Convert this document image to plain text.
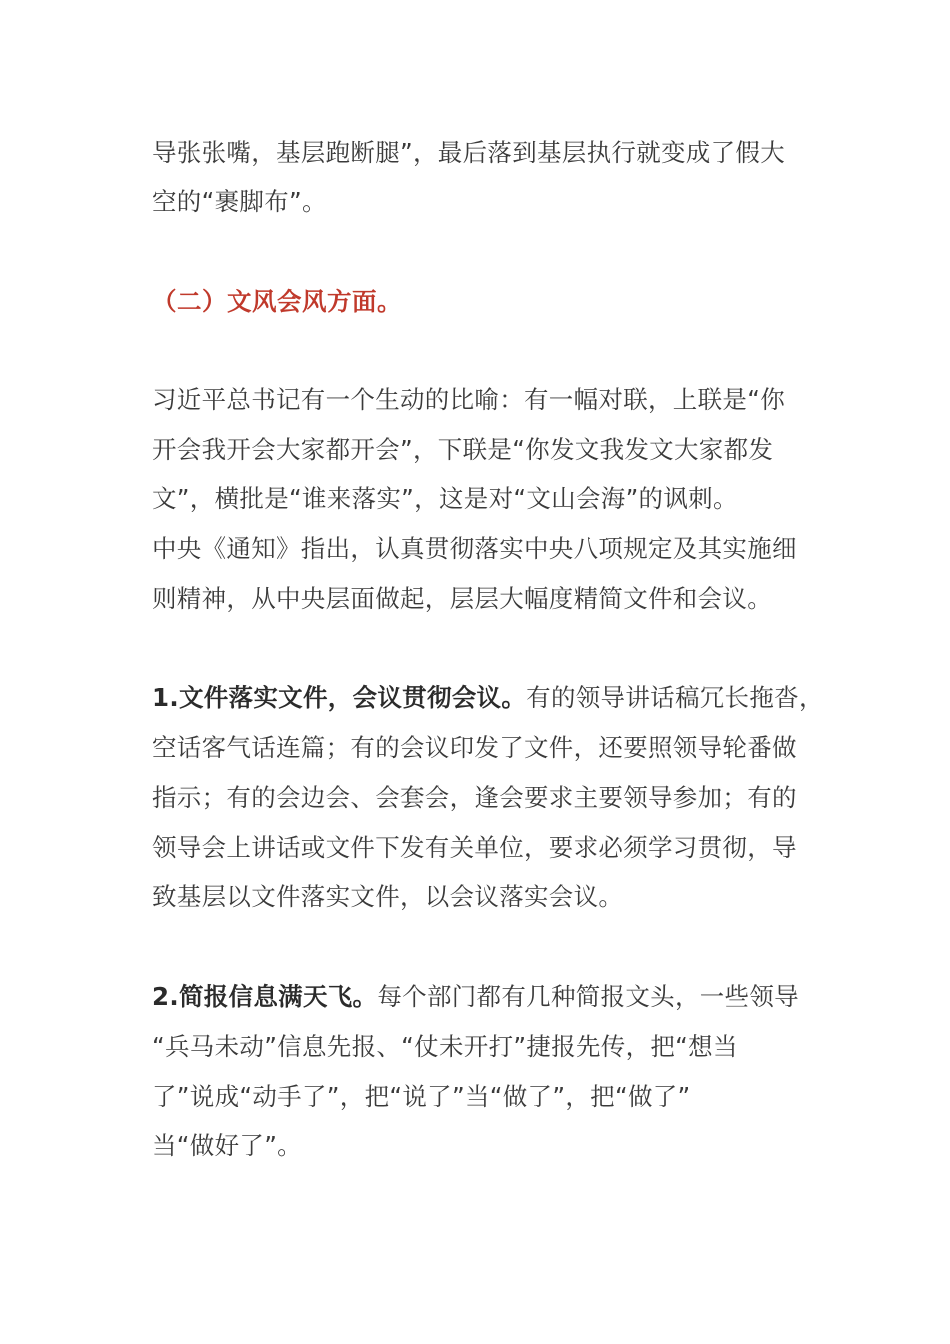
导张张嘴，基层跑断腿”，最后落到基层执行就变成了假大
空的“裹脚布”。
（二）文风会风方面。
习近平总书记有一个生动的比喻：有一幅对联，上联是“你
开会我开会大家都开会”，下联是“你发文我发文大家都发
文”，横批是“谁来落实”，这是对“文山会海”的讽刺。
中央《通知》指出，认真贯彻落实中央八项规定及其实施细
则精神，从中央层面做起，层层大幅度精简文件和会议。
1.文件落实文件，会议贯彻会议。有的领导讲话稿冗长拖沓，
空话客气话连篇；有的会议印发了文件，还要照领导轮番做
指示；有的会边会、会套会，逢会要求主要领导参加；有的
领导会上讲话或文件下发有关单位，要求必须学习贯彻，导
致基层以文件落实文件，以会议落实会议。
2.简报信息满天飞。每个部门都有几种简报文头，一些领导
“兵马未动”信息先报、“仗未开打”捷报先传，把“想当
了”说成“动手了”，把“说了”当“做了”，把“做了”
当“做好了”。
